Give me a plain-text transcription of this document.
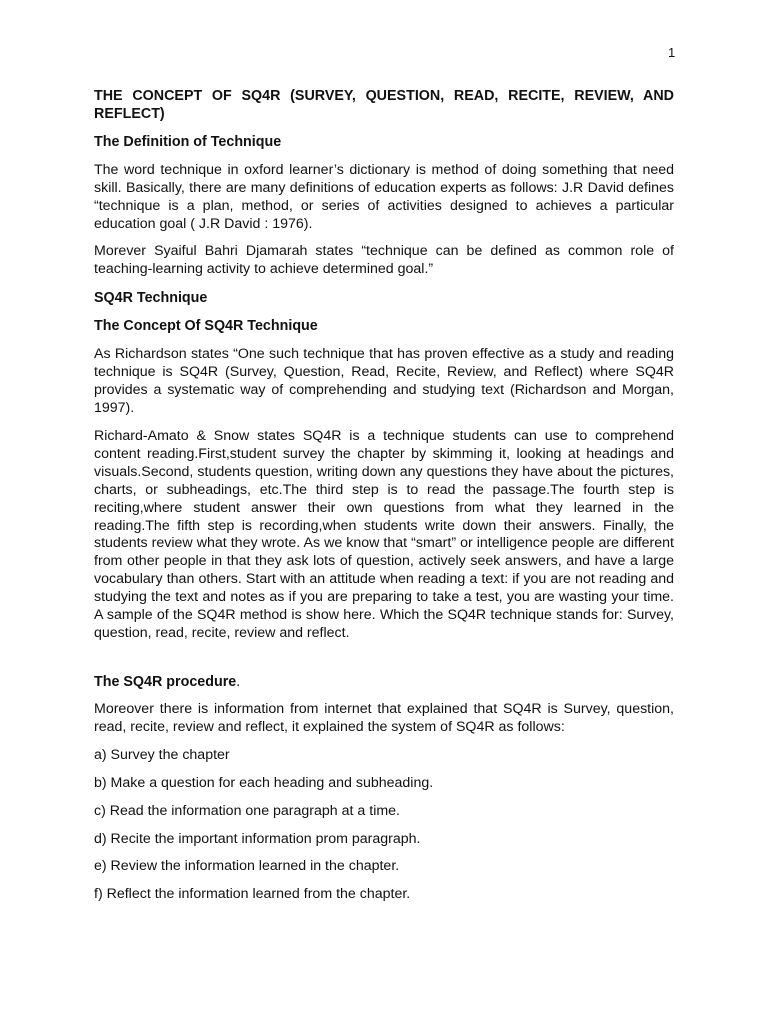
1

THE CONCEPT OF SQ4R (SURVEY, QUESTION, READ, RECITE, REVIEW, AND REFLECT)

The Definition of Technique

The word technique in oxford learner’s dictionary is method of doing something that need skill. Basically, there are many definitions of education experts as follows: J.R David defines “technique is a plan, method, or series of activities designed to achieves a particular education goal ( J.R David : 1976).

Morever Syaiful Bahri Djamarah states “technique can be defined as common role of teaching-learning activity to achieve determined goal.”

SQ4R Technique

The Concept Of SQ4R Technique

As Richardson states “One such technique that has proven effective as a study and reading technique is SQ4R (Survey, Question, Read, Recite, Review, and Reflect) where SQ4R provides a systematic way of comprehending and studying text (Richardson and Morgan, 1997).

Richard-Amato & Snow states SQ4R is a technique students can use to comprehend content reading.First,student survey the chapter by skimming it, looking at headings and visuals.Second, students question, writing down any questions they have about the pictures, charts, or subheadings, etc.The third step is to read the passage.The fourth step is reciting,where student answer their own questions from what they learned in the reading.The fifth step is recording,when students write down their answers. Finally, the students review what they wrote. As we know that “smart” or intelligence people are different from other people in that they ask lots of question, actively seek answers, and have a large vocabulary than others. Start with an attitude when reading a text: if you are not reading and studying the text and notes as if you are preparing to take a test, you are wasting your time. A sample of the SQ4R method is show here. Which the SQ4R technique stands for: Survey, question, read, recite, review and reflect.

The SQ4R procedure.

Moreover there is information from internet that explained that SQ4R is Survey, question, read, recite, review and reflect, it explained the system of SQ4R as follows:

a) Survey the chapter

b) Make a question for each heading and subheading.

c) Read the information one paragraph at a time.

d) Recite the important information prom paragraph.

e) Review the information learned in the chapter.

f) Reflect the information learned from the chapter.
